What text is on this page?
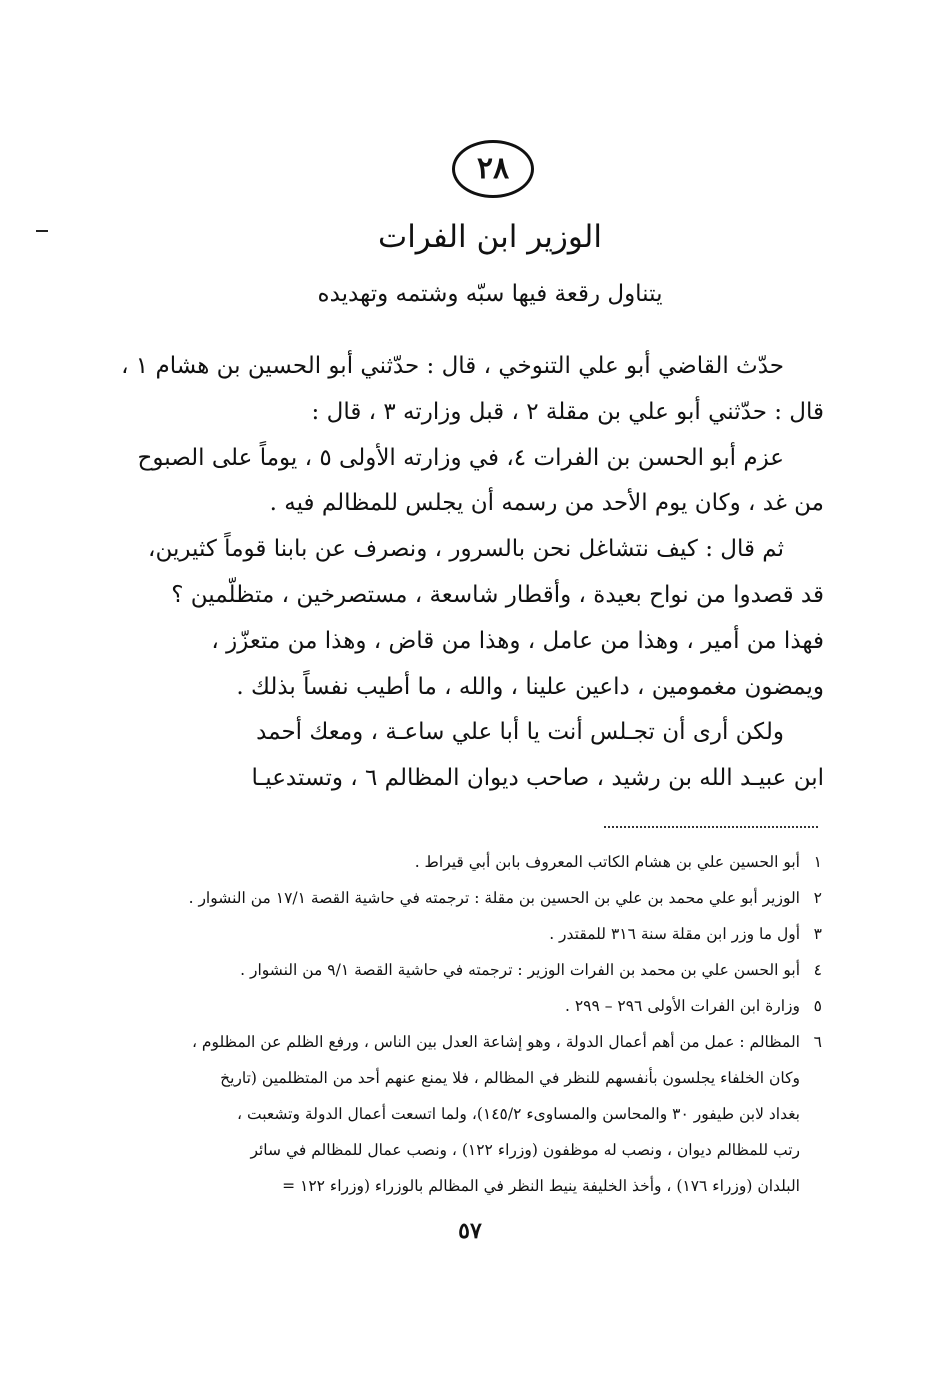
٢٨
الوزير ابن الفرات
يتناول رقعة فيها سبّه وشتمه وتهديده
حدّث القاضي أبو علي التنوخي ، قال : حدّثني أبو الحسين بن هشام ١ ،
قال : حدّثني أبو علي بن مقلة ٢ ، قبل وزارته ٣ ، قال :
عزم أبو الحسن بن الفرات ٤، في وزارته الأولى ٥ ، يوماً على الصبوح
من غد ، وكان يوم الأحد من رسمه أن يجلس للمظالم فيه .
ثم قال : كيف نتشاغل نحن بالسرور ، ونصرف عن بابنا قوماً كثيرين،
قد قصدوا من نواح بعيدة ، وأقطار شاسعة ، مستصرخين ، متظلّمين ؟
فهذا من أمير ، وهذا من عامل ، وهذا من قاض ، وهذا من متعزّز ،
ويمضون مغمومين ، داعين علينا ، والله ، ما أطيب نفساً بذلك .
ولكن أرى أن تجـلس أنت يا أبا علي ساعـة ، ومعك أحمد
ابن عبيـد الله بن رشيد ، صاحب ديوان المظالم ٦ ، وتستدعيـا
١
أبو الحسين علي بن هشام الكاتب المعروف بابن أبي قيراط .
٢
الوزير أبو علي محمد بن علي بن الحسين بن مقلة : ترجمته في حاشية القصة ١٧/١ من النشوار .
٣
أول ما وزر ابن مقلة سنة ٣١٦ للمقتدر .
٤
أبو الحسن علي بن محمد بن الفرات الوزير : ترجمته في حاشية القصة ٩/١ من النشوار .
٥
وزارة ابن الفرات الأولى ٢٩٦ – ٢٩٩ .
٦
المظالم : عمل من أهم أعمال الدولة ، وهو إشاعة العدل بين الناس ، ورفع الظلم عن المظلوم ،
وكان الخلفاء يجلسون بأنفسهم للنظر في المظالم ، فلا يمنع عنهم أحد من المتظلمين (تاريخ
بغداد لابن طيفور ٣٠ والمحاسن والمساوىء ١٤٥/٢)، ولما اتسعت أعمال الدولة وتشعبت ،
رتب للمظالم ديوان ، ونصب له موظفون (وزراء ١٢٢) ، ونصب عمال للمظالم في سائر
البلدان (وزراء ١٧٦) ، وأخذ الخليفة ينيط النظر في المظالم بالوزراء (وزراء ١٢٢ =
٥٧
